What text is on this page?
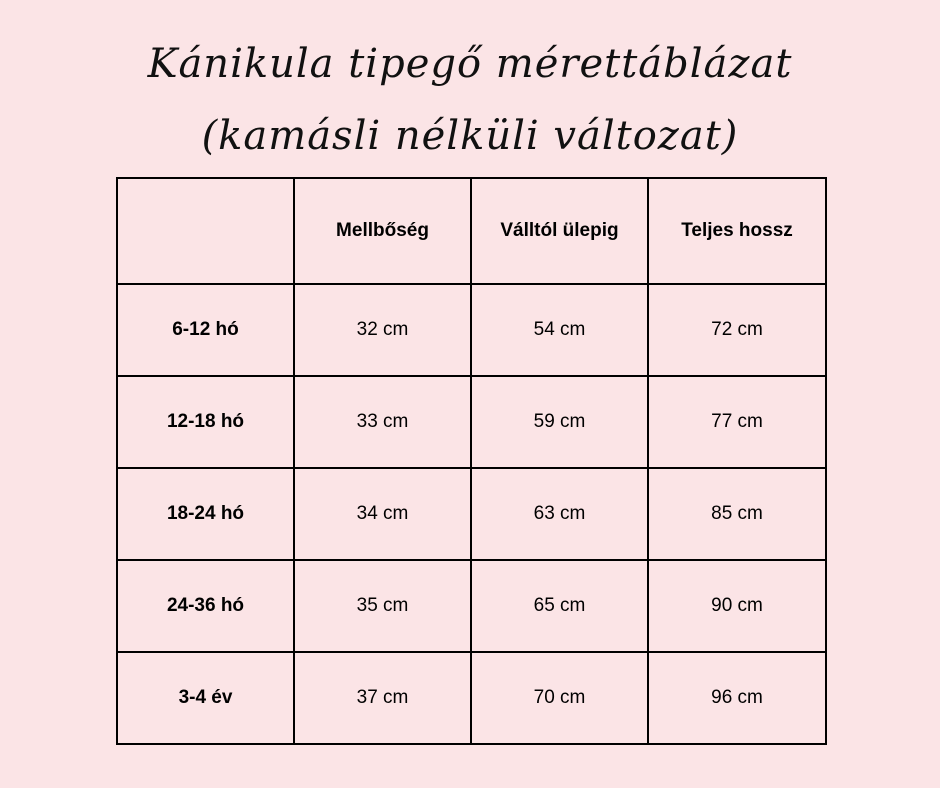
Kánikula tipegő mérettáblázat
(kamásli nélküli változat)
	Mellbőség	Válltól ülepig	Teljes hossz
6-12 hó	32 cm	54 cm	72 cm
12-18 hó	33 cm	59 cm	77 cm
18-24 hó	34 cm	63 cm	85 cm
24-36 hó	35 cm	65 cm	90 cm
3-4 év	37 cm	70 cm	96 cm
